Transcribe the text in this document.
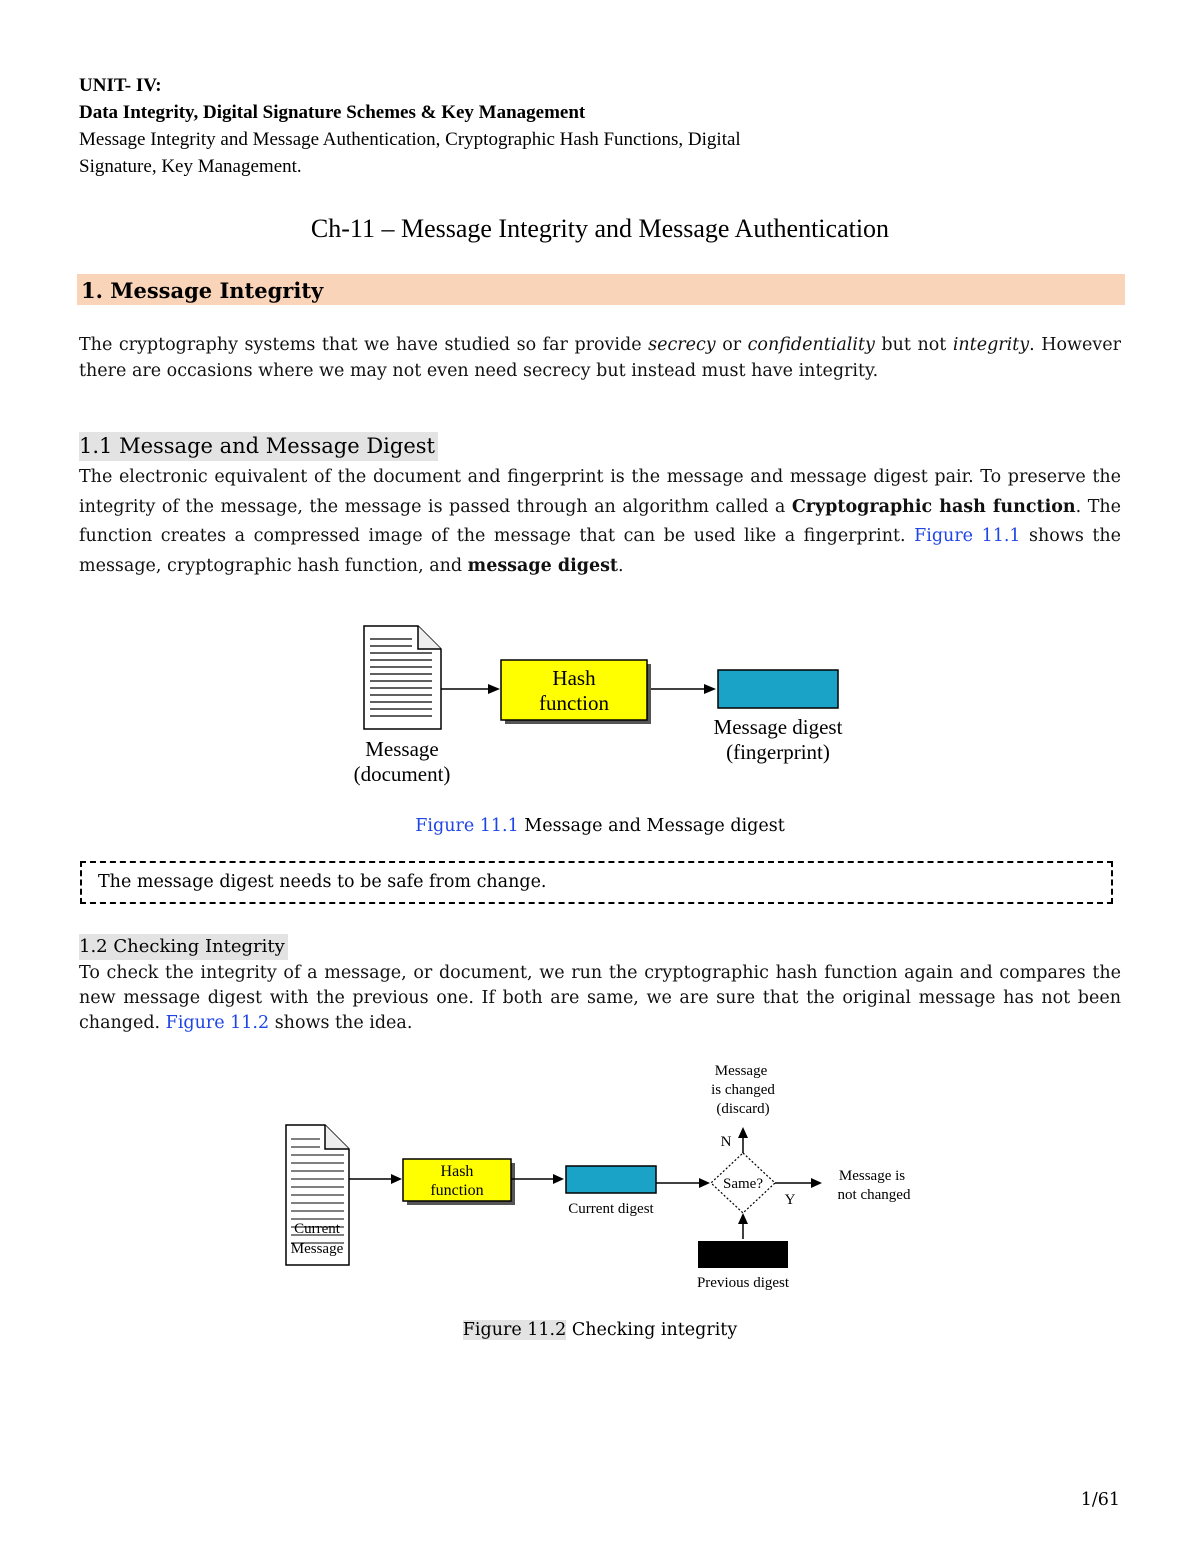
UNIT- IV:
Data Integrity, Digital Signature Schemes & Key Management
Message Integrity and Message Authentication, Cryptographic Hash Functions, Digital
Signature, Key Management.
Ch-11 – Message Integrity and Message Authentication
1. Message Integrity
The cryptography systems that we have studied so far provide secrecy or confidentiality but not integrity. However there are occasions where we may not even need secrecy but instead must have integrity.
1.1 Message and Message Digest
The electronic equivalent of the document and fingerprint is the message and message digest pair. To preserve the integrity of the message, the message is passed through an algorithm called a Cryptographic hash function. The function creates a compressed image of the message that can be used like a fingerprint. Figure 11.1 shows the message, cryptographic hash function, and message digest.
Hash
function
Message digest
(fingerprint)
Message
(document)
Figure 11.1 Message and Message digest
The message digest needs to be safe from change.
1.2 Checking Integrity
To check the integrity of a message, or document, we run the cryptographic hash function again and compares the new message digest with the previous one. If both are same, we are sure that the original message has not been changed. Figure 11.2 shows the idea.
Current
Message
Hash
function
Current digest
Same?
N
Message
is changed
(discard)
Y
Message is
not changed
Previous digest
Figure 11.2 Checking integrity
1/61
